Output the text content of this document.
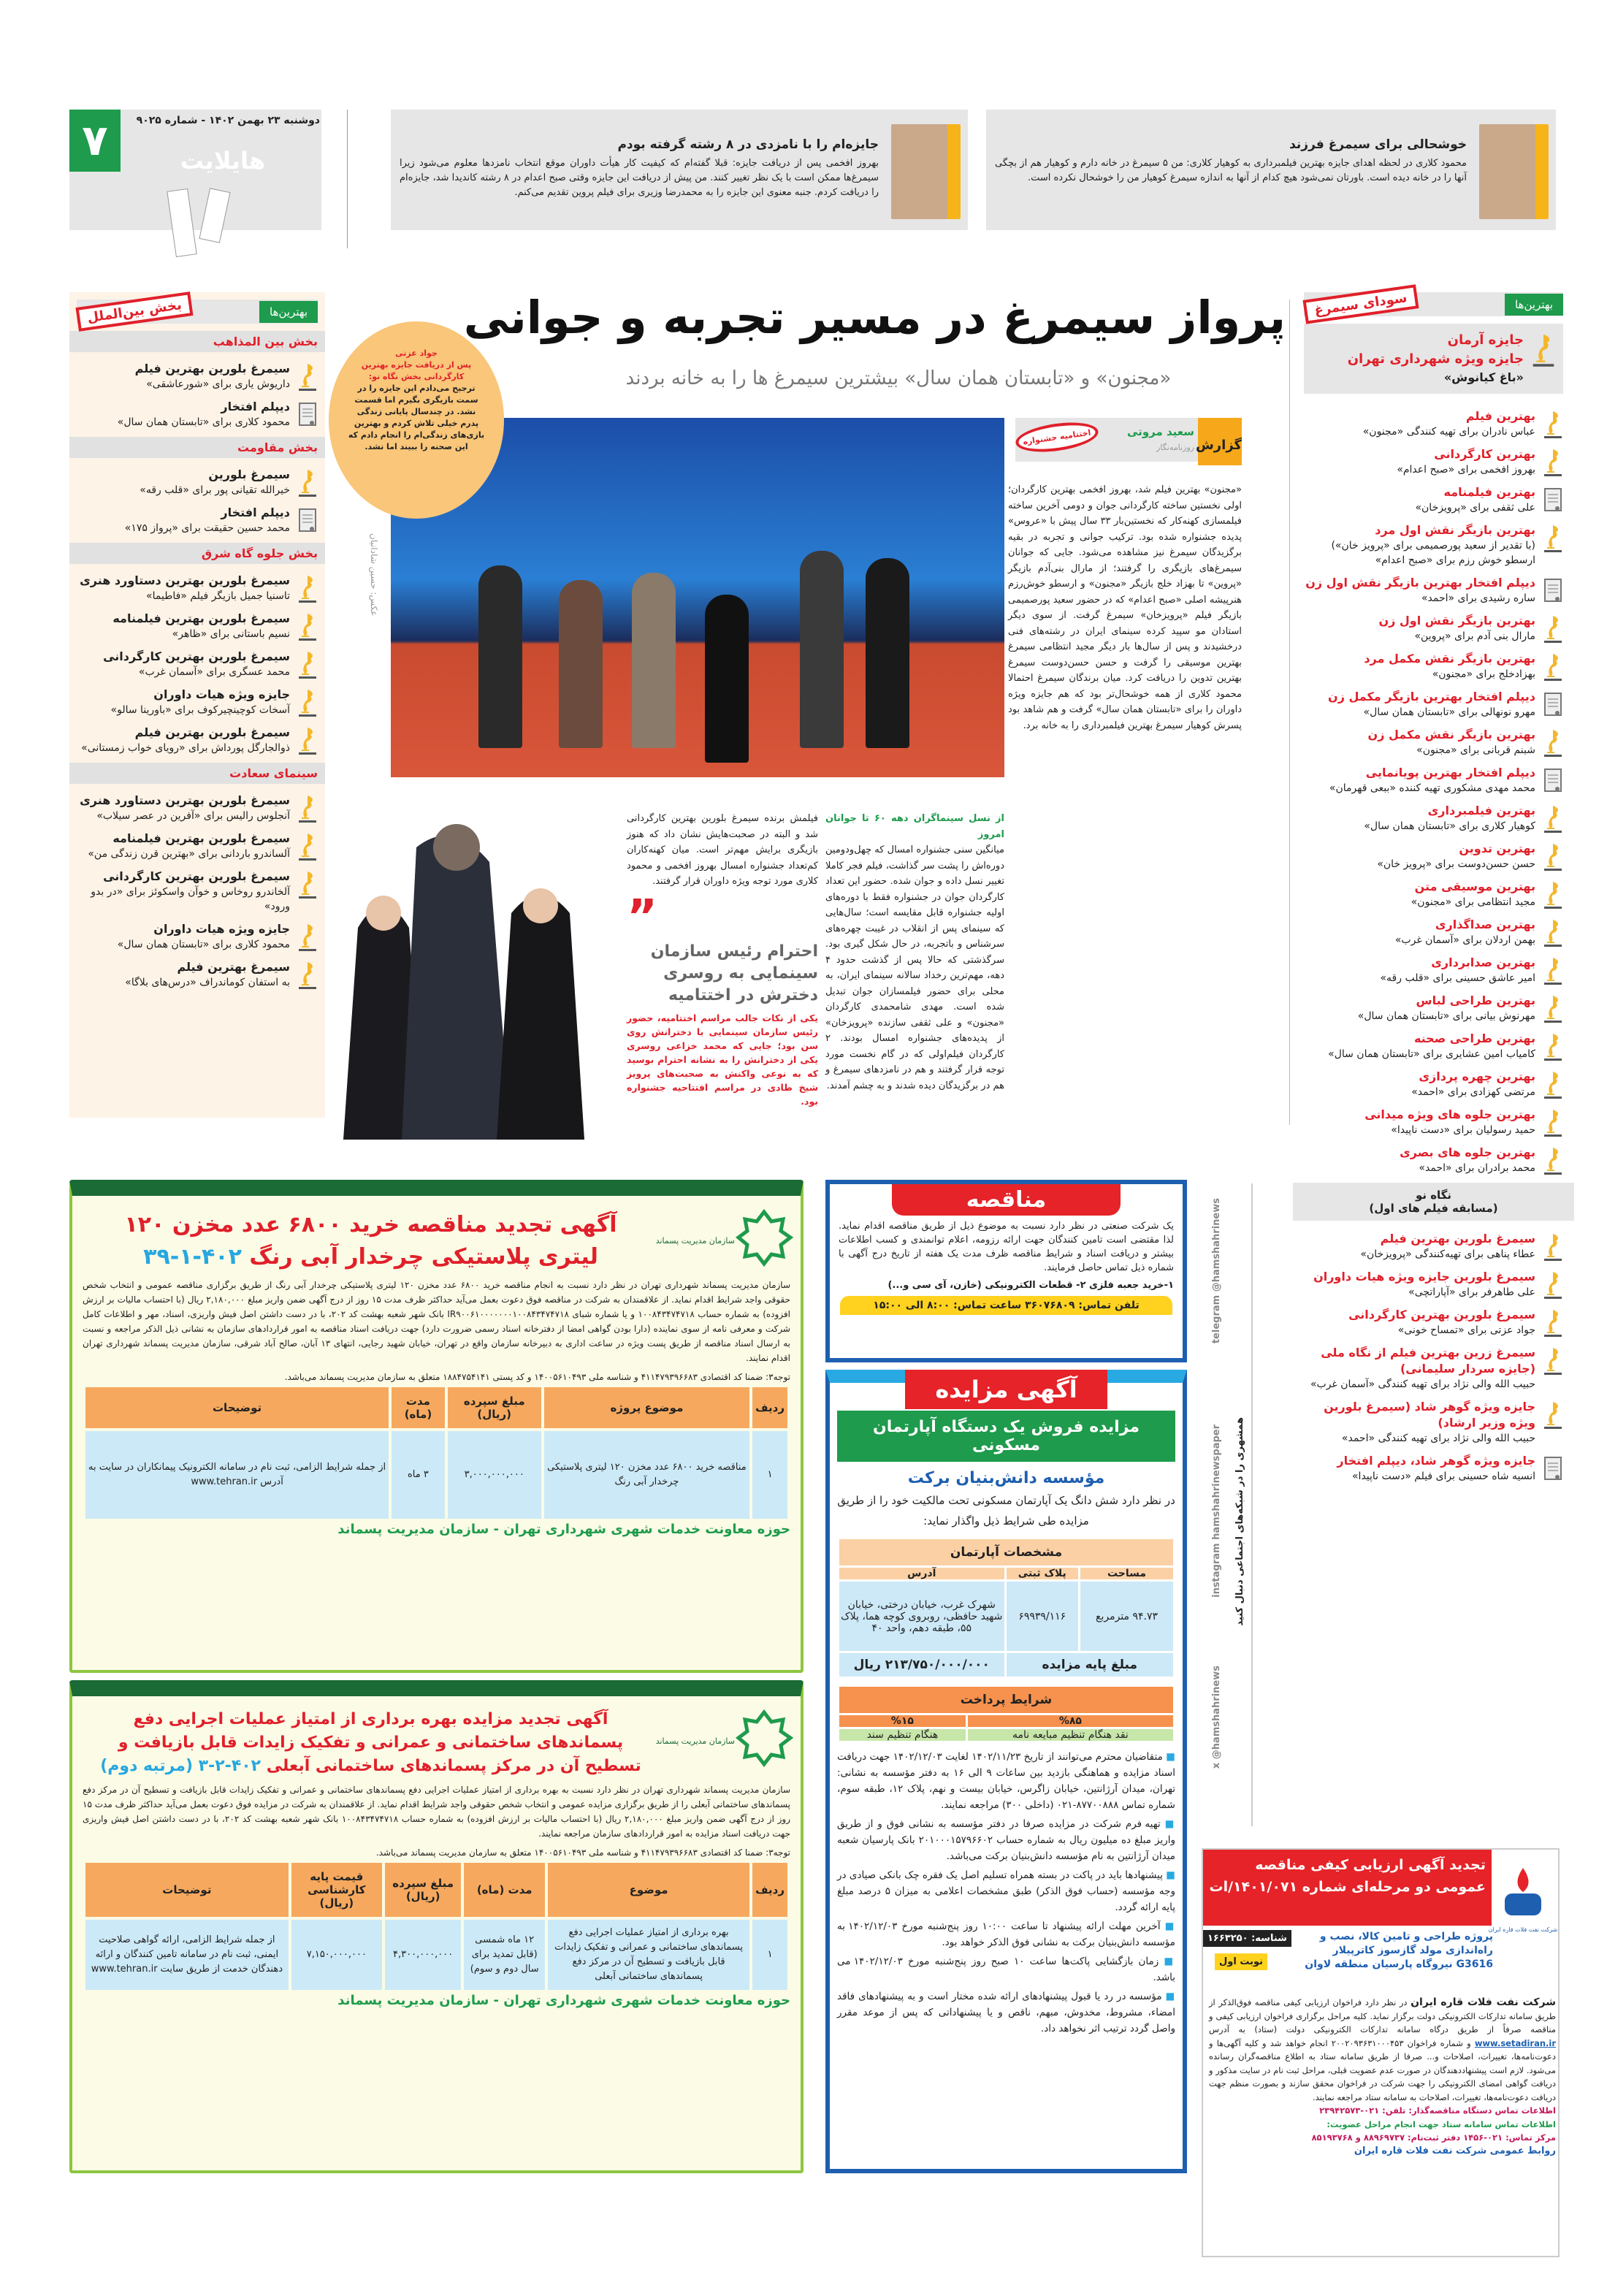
۷	دوشنبه ۲۳ بهمن ۱۴۰۲ - شماره ۹۰۲۵
هایلایت
خوشحالی برای سیمرغ فرزند

محمود کلاری در لحظه اهدای جایزه بهترین فیلمبرداری به کوهیار کلاری: من ۵ سیمرغ در خانه دارم و کوهیار هم از بچگی آنها را در خانه دیده است. باورتان نمی‌شود هیچ کدام از آنها به اندازه سیمرغ کوهیار من را خوشحال نکرده است.

جایزه‌ام را با نامزدی در ۸ رشته گرفته بودم

بهروز افخمی پس از دریافت جایزه: قبلا گفته‌ام که کیفیت کار هیأت داوران موقع انتخاب نامزدها معلوم می‌شود زیرا سیمرغ‌ها ممکن است با یک نظر تغییر کنند. من پیش از دریافت این جایزه وقتی صبح اعدام در ۸ رشته کاندیدا شد، جایزه‌ام را دریافت کردم. جنبه معنوی این جایزه را به محمدرضا وزیری برای فیلم پروین تقدیم می‌کنم.

پرواز سیمرغ در مسیر تجربه و جوانی
«مجنون» و «تابستان همان سال» بیشترین سیمرغ ها را به خانه بردند
بهترین‌ها
سودای سیمرغ
جایزه آرمان
جایزه ویژه شهرداری تهران
«باغ کیانوش»
بهترین فیلم
عباس نادران برای تهیه کنندگی «مجنون»
بهترین کارگردانی
بهروز افخمی برای «صبح اعدام»
بهترین فیلمنامه
علی ثقفی برای «پرویزخان»
بهترین بازیگر نقش اول مرد
(با تقدیر از سعید پورصمیمی برای «پرویز خان») ارسطو خوش رزم برای «صبح اعدام»
دیپلم افتخار بهترین بازیگر نقش اول زن
ساره رشیدی برای «احمد»
بهترین بازیگر نقش اول زن
مارال بنی آدم برای «پروین»
بهترین بازیگر نقش مکمل مرد
بهزادخلج برای «مجنون»
دیپلم افتخار بهترین بازیگر مکمل زن
مهرو نونهالی برای «تابستان همان سال»
بهترین بازیگر نقش مکمل زن
شبنم قربانی برای «مجنون»
دیپلم افتخار بهترین پویانمایی
محمد مهدی مشکوری تهیه کننده «ببعی قهرمان»
بهترین فیلمبرداری
کوهیار کلاری برای «تابستان همان سال»
بهترین تدوین
حسن حسن‌دوست برای «پرویز خان»
بهترین موسیقی متن
مجید انتظامی برای «مجنون»
بهترین صداگذاری
بهمن اردلان برای «آسمان غرب»
بهترین صدابرداری
امیر عاشق حسینی برای «قلب رقه»
بهترین طراحی لباس
مهرنوش بیانی برای «تابستان همان سال»
بهترین طراحی صحنه
کامیاب امین عشایری برای «تابستان همان سال»
بهترین چهره پردازی
مرتضی کهزادی برای «احمد»
بهترین جلوه های ویژه میدانی
حمید رسولیان برای «دست ناپیدا»
بهترین جلوه های بصری
محمد برادران برای «احمد»
نگاه نو
(مسابقه فیلم های اول)
سیمرغ بلورین بهترین فیلم
عطاء پناهی برای تهیه‌کنندگی «پرویزخان»
سیمرغ بلورین جایزه ویژه هیات داوران
علی طاهرفر برای «آپاراتچی»
سیمرغ بلورین بهترین کارگردانی
جواد عزتی برای «تمساح خونی»
سیمرغ زرین بهترین فیلم از نگاه ملی (جایزه سردار سلیمانی)
حبیب الله والی نژاد برای تهیه کنندگی «آسمان غرب»
جایزه ویژه گوهر شاد (سیمرغ بلورین ویژه وزیر ارشاد)
حبیب الله والی نژاد برای تهیه کنندگی «احمد»
جایزه ویژه گوهر شاد، دیپلم افتخار
انسیه شاه حسینی برای فیلم «دست ناپیدا»
بهترین‌ها
بخش بین‌الملل
بخش بین المذاهب
سیمرغ بلورین بهترین فیلم
داریوش یاری برای «شورعاشقی»
دیپلم افتخار
محمود کلاری برای «تابستان همان سال»
بخش مقاومت
سیمرغ بلورین
خیرالله تقیانی پور برای «قلب رقه»
دیپلم افتخار
محمد حسین حقیقت برای «پرواز ۱۷۵»
بخش جلوه گاه شرق
سیمرغ بلورین بهترین دستاورد هنری
تاسنیا جمیل بازیگر فیلم «فاطیما»
سیمرغ بلورین بهترین فیلمنامه
نسیم باستانی برای «ظاهر»
سیمرغ بلورین بهترین کارگردانی
محمد عسگری برای «آسمان غرب»
جایزه ویژه هیات داوران
آسخات کوچینچیرکوف برای «باورینا سالو»
سیمرغ بلورین بهترین فیلم
ذوالجارگل پورداش برای «رویای خواب زمستانی»
سینمای سعادت
سیمرغ بلورین بهترین دستاورد هنری
آنجلوس رالیس برای «آفرین در عصر سیلاب»
سیمرغ بلورین بهترین فیلمنامه
آلساندرو باردانی برای «بهترین قرن زندگی من»
سیمرغ بلورین بهترین کارگردانی
آلخاندرو روخاس و خوآن واسکوئز برای «در بدو ورود»
جایزه ویژه هیات داوران
محمود کلاری برای «تابستان همان سال»
سیمرغ بهترین فیلم
به استفان کوماندراف «درس‌های بلاگا»
عکس: حسین شادانیان
جواد عزتی
پس از دریافت جایزه بهترین کارگردانی بخش نگاه نو:
ترجیح می‌دادم این جایزه را در سمت بازیگری بگیرم اما قسمت نشد. در چندسال پایانی زندگی پدرم خیلی تلاش کردم و بهترین بازی‌های زندگی‌ام را انجام دادم که این صحنه را ببیند اما نشد.	گزارش
اختتامیه جشنواره	سعید مروتی
روزنامه‌نگار
«مجنون» بهترین فیلم شد، بهروز افخمی بهترین کارگردان؛ اولی نخستین ساخته کارگردانی جوان و دومی آخرین ساخته فیلمسازی کهنه‌کار که نخستین‌بار ۳۳ سال پیش با «عروس» پدیده جشنواره شده بود. ترکیب جوانی و تجربه در بقیه برگزیدگان سیمرغ نیز مشاهده می‌شود. جایی که جوانان سیمرغ‌های بازیگری را گرفتند؛ از مارال بنی‌آدم بازیگر «پروین» تا بهزاد خلج بازیگر «مجنون» و ارسطو خوش‌رزم هنرپیشه اصلی «صبح اعدام» که در حضور سعید پورصمیمی بازیگر فیلم «پرویزخان» سیمرغ گرفت. از سوی دیگر استادان مو سپید کرده سینمای ایران در رشته‌های فنی درخشیدند و پس از سال‌ها بار دیگر مجید انتظامی سیمرغ بهترین موسیقی را گرفت و حسن حسن‌دوست سیمرغ بهترین تدوین را دریافت کرد. میان برندگان سیمرغ احتمالا محمود کلاری از همه خوشحال‌تر بود که هم جایزه ویژه داوران را برای «تابستان همان سال» گرفت و هم شاهد بود پسرش کوهیار سیمرغ بهترین فیلمبرداری را به خانه برد.
از نسل سینماگران دهه ۶۰ تا جوانان امروز
میانگین سنی جشنواره امسال که چهل‌ودومین دوره‌اش را پشت سر گذاشت، فیلم فجر کاملا تغییر نسل داده و جوان شده. حضور این تعداد کارگردان جوان در جشنواره فقط با دوره‌های اولیه جشنواره قابل مقایسه است؛ سال‌هایی که سینمای پس از انقلاب در غیبت چهره‌های سرشناس و باتجربه، در حال شکل گیری بود. سرگذشتی که حالا پس از گذشت حدود ۴ دهه، مهم‌ترین رخداد سالانه سینمای ایران، به محلی برای حضور فیلمسازان جوان تبدیل شده است. مهدی شامحمدی کارگردان «مجنون» و علی ثقفی سازنده «پرویزخان» از پدیده‌های جشنواره امسال بودند. ۲ کارگردان فیلم‌اولی که در گام نخست مورد توجه قرار گرفتند و هم در نامزدهای سیمرغ و هم در برگزیدگان دیده شدند و به چشم آمدند.
فیلمش برنده سیمرغ بلورین بهترین کارگردانی شد و البته در صحبت‌هایش نشان داد که هنوز بازیگری برایش مهم‌تر است. میان کهنه‌کاران کم‌تعداد جشنواره امسال بهروز افخمی و محمود کلاری مورد توجه ویژه داوران قرار گرفتند.
”
احترام رئیس سازمان سینمایی به روسری دخترش در اختتامیه
یکی از نکات جالب مراسم اختتامیه، حضور رئیس سازمان سینمایی با دخترانش روی سن بود؛ جایی که محمد خزاعی روسری یکی از دخترانش را به نشانه احترام بوسید که به نوعی واکنش به صحبت‌های پرویز شیخ طادی در مراسم افتتاحیه جشنواره بود.
سازمان مدیریت پسماند
آگهی تجدید مناقصه خرید ۶۸۰۰ عدد مخزن ۱۲۰ لیتری پلاستیکی چرخدار آبی رنگ ۴۰۲-۱-۳۹
سازمان مدیریت پسماند شهرداری تهران در نظر دارد نسبت به انجام مناقصه خرید ۶۸۰۰ عدد مخزن ۱۲۰ لیتری پلاستیکی چرخدار آبی رنگ از طریق برگزاری مناقصه عمومی و انتخاب شخص حقوقی واجد شرایط اقدام نماید. از علاقمندان به شرکت در مناقصه فوق دعوت بعمل می‌آید حداکثر ظرف مدت ۱۵ روز از درج آگهی ضمن واریز مبلغ ۲,۱۸۰,۰۰۰ ریال (با احتساب مالیات بر ارزش افزوده) به شماره حساب ۱۰۰۸۴۳۴۷۴۷۱۸ و یا شماره شبای IR۹۰۰۶۱۰۰۰۰۰۰۰۱۰۰۸۴۳۴۷۴۷۱۸ بانک شهر شعبه بهشت کد ۲۰۲، با در دست داشتن اصل فیش واریزی، اسناد، مهر و اطلاعات کامل شرکت و معرفی نامه از سوی نماینده (دارا بودن گواهی امضا از دفترخانه اسناد رسمی ضرورت دارد) جهت دریافت اسناد مناقصه به امور قراردادهای سازمان به نشانی ذیل الذکر مراجعه و نسبت به ارسال اسناد مناقصه از طریق پست ویژه در ساعت اداری به دبیرخانه سازمان واقع در تهران، خیابان شهید رجایی، انتهای ۱۳ آبان، صالح آباد شرقی، سازمان مدیریت پسماند شهرداری تهران اقدام نمایند.
توجه۳: ضمنا کد اقتصادی ۴۱۱۴۷۹۳۹۶۶۸۳ و شناسه ملی ۱۴۰۰۵۶۱۰۴۹۳ و کد پستی ۱۸۸۴۷۵۴۱۴۱ متعلق به سازمان مدیریت پسماند می‌باشد.
ردیف	موضوع پروژه	مبلغ سپرده (ریال)	مدت (ماه)	توضیحات
۱	مناقصه خرید ۶۸۰۰ عدد مخزن ۱۲۰ لیتری پلاستیکی چرخدار آبی رنگ	۳,۰۰۰,۰۰۰,۰۰۰	۳ ماه	از جمله شرایط الزامی، ثبت نام در سامانه الکترونیک پیمانکاران در سایت به آدرس www.tehran.ir
حوزه معاونت خدمات شهری شهرداری تهران - سازمان مدیریت پسماند
سازمان مدیریت پسماند
آگهی تجدید مزایده بهره برداری از امتیاز عملیات اجرایی دفع پسماندهای ساختمانی و عمرانی و تفکیک زایدات قابل بازیافت و تسطیح آن در مرکز پسماندهای ساختمانی آبعلی ۴۰۲-۲-۳ (مرتبه دوم)
سازمان مدیریت پسماند شهرداری تهران در نظر دارد نسبت به بهره برداری از امتیاز عملیات اجرایی دفع پسماندهای ساختمانی و عمرانی و تفکیک زایدات قابل بازیافت و تسطیح آن در مرکز دفع پسماندهای ساختمانی آبعلی را از طریق برگزاری مزایده عمومی و انتخاب شخص حقوقی واجد شرایط اقدام نماید. از علاقمندان به شرکت در مزایده فوق دعوت بعمل می‌آید حداکثر ظرف مدت ۱۵ روز از درج آگهی ضمن واریز مبلغ ۲,۱۸۰,۰۰۰ ریال (با احتساب مالیات بر ارزش افزوده) به شماره حساب ۱۰۰۸۴۳۴۷۴۷۱۸ بانک شهر شعبه بهشت کد ۲۰۲، با در دست داشتن اصل فیش واریزی جهت دریافت اسناد مزایده به امور قراردادهای سازمان مراجعه نمایند.
توجه۳: ضمنا کد اقتصادی ۴۱۱۴۷۹۳۹۶۶۸۳ و شناسه ملی ۱۴۰۰۵۶۱۰۴۹۳ متعلق به سازمان مدیریت پسماند می‌باشد.
ردیف	موضوع	مدت (ماه)	مبلغ سپرده (ریال)	قیمت پایه کارشناسی (ریال)	توضیحات
۱	بهره برداری از امتیاز عملیات اجرایی دفع پسماندهای ساختمانی و عمرانی و تفکیک زایدات قابل بازیافت و تسطیح آن در مرکز دفع پسماندهای ساختمانی آبعلی	۱۲ ماه شمسی (قابل تمدید برای سال دوم و سوم)	۴,۳۰۰,۰۰۰,۰۰۰	۷,۱۵۰,۰۰۰,۰۰۰	از جمله شرایط الزامی، ارائه گواهی صلاحیت ایمنی، ثبت نام در سامانه تامین کنندگان و ارائه دهندگان خدمت از طریق سایت www.tehran.ir
حوزه معاونت خدمات شهری شهرداری تهران - سازمان مدیریت پسماند
مناقصه
یک شرکت صنعتی در نظر دارد نسبت به موضوع ذیل از طریق مناقصه اقدام نماید. لذا مقتضی است تامین کنندگان جهت ارائه رزومه، اعلام توانمندی و کسب اطلاعات بیشتر و دریافت اسناد و شرایط مناقصه ظرف مدت یک هفته از تاریخ درج آگهی با شماره ذیل تماس حاصل فرمایند.
۱-خرید جعبه فلزی ۲- قطعات الکترونیکی (خازن، آی سی و...)
تلفن تماس: ۳۶۰۷۶۸۰۹ ساعت تماس: ۸:۰۰ الی ۱۵:۰۰
آگهی مزایده
مزایده فروش یک دستگاه آپارتمان مسکونی
مؤسسه دانش‌بنیان برکت
در نظر دارد شش دانگ یک آپارتمان مسکونی تحت مالکیت خود را از طریق مزایده طی شرایط ذیل واگذار نماید:
مشخصات آپارتمان		
مساحت	پلاک ثبتی	آدرس
۹۴.۷۳ مترمربع	۶۹۹۳۹/۱۱۶	شهرک غرب، خیابان درختی، خیابان شهید حافظی، روبروی کوچه هما، پلاک ۵۵، طبقه دهم، واحد ۴۰
مبلغ پایه مزایده		۲۱۳/۷۵۰/۰۰۰/۰۰۰ ریال
شرایط پرداخت	
%۸۵	%۱۵
نقد هنگام تنظیم مبایعه نامه	هنگام تنظیم سند
■ متقاضیان محترم می‌توانند از تاریخ ۱۴۰۲/۱۱/۲۳ لغایت ۱۴۰۲/۱۲/۰۳ جهت دریافت اسناد مزایده و هماهنگی بازدید بین ساعات ۹ الی ۱۶ به دفتر مؤسسه به نشانی: تهران، میدان آرژانتین، خیابان زاگرس، خیابان بیست و نهم، پلاک ۱۲، طبقه سوم، شماره تماس ۸۷۷۰۰۸۸۸-۰۲۱ (داخلی ۳۰۰) مراجعه نمایند.
■ تهیه فرم شرکت در مزایده صرفا در دفتر مؤسسه به نشانی فوق و از طریق واریز مبلغ ده میلیون ریال به شماره حساب ۲۰۱۰۰۰۱۵۷۹۶۶۰۲ بانک پارسیان شعبه میدان آرژانتین به نام مؤسسه دانش‌بنیان برکت می‌باشد.
■ پیشنهادها باید در پاکت در بسته همراه تسلیم اصل یک فقره چک بانکی صیادی در وجه مؤسسه (حساب فوق الذکر) طبق مشخصات اعلامی به میزان ۵ درصد مبلغ پایه ارائه گردد.
■ آخرین مهلت ارائه پیشنهاد تا ساعت ۱۰:۰۰ روز پنج‌شنبه مورخ ۱۴۰۲/۱۲/۰۳ به مؤسسه دانش‌بنیان برکت به نشانی فوق الذکر خواهد بود.
■ زمان بازگشایی پاکت‌ها ساعت ۱۰ صبح روز پنج‌شنبه مورخ ۱۴۰۲/۱۲/۰۳ می باشد.
■ مؤسسه در رد یا قبول پیشنهادهای ارائه شده مختار است و به پیشنهادهای فاقد امضاء، مشروط، مخدوش، مبهم، ناقص و یا پیشنهاداتی که پس از موعد مقرر واصل گردد ترتیب اثر نخواهد داد.
telegram @hamshahrinews
instagram hamshahrinewspaper همشهری را در شبکه‌های اجتماعی دنبال کنید
x @hamshahrinews
تجدید آگهی ارزیابی کیفی مناقصه عمومی دو مرحله‌ای شماره ۱۴۰۱/۰۷۱/ات
شناسه: ۱۶۶۳۲۵۰
نوبت اول
پروژه طراحی و تامین کالا، نصب و راه‌اندازی مولد گازسوز کاترپیلار G3616 نیروگاه پارسیان منطقه لاوان
شرکت نفت فلات قاره ایران
شرکت نفت فلات قاره ایران در نظر دارد فراخوان ارزیابی کیفی مناقصه فوق‌الذکر از طریق سامانه تدارکات الکترونیکی دولت برگزار نماید. کلیه مراحل برگزاری فراخوان ارزیابی کیفی و مناقصه صرفاً از طریق درگاه سامانه تدارکات الکترونیکی دولت (ستاد) به آدرس www.setadiran.ir و شماره فراخوان ۲۰۰۲۰۹۳۶۳۱۰۰۰۴۵۳ انجام خواهد شد و کلیه آگهی‌ها و دعوت‌نامه‌ها، تغییرات، اصلاحات و... صرفا از طریق سامانه ستاد به اطلاع مناقصه‌گران رسانده می‌شود. لازم است پیشنهاددهندگان در صورت عدم عضویت قبلی، مراحل ثبت نام در سایت مذکور و دریافت گواهی امضای الکترونیکی را جهت شرکت در فراخوان محقق سازند و بصورت منظم جهت دریافت دعوت‌نامه‌ها، تغییرات، اصلاحات به سامانه ستاد مراجعه نمایند.
اطلاعات تماس دستگاه مناقصه‌گذار: تلفن: ۰۲۱-۲۳۹۴۲۵۷۳
اطلاعات تماس سامانه ستاد جهت انجام مراحل عضویت:
مرکز تماس: ۰۲۱-۱۴۵۶ دفتر ثبت‌نام: ۸۸۹۶۹۷۳۷ و ۸۵۱۹۳۷۶۸
روابط عمومی شرکت نفت فلات قاره ایران
